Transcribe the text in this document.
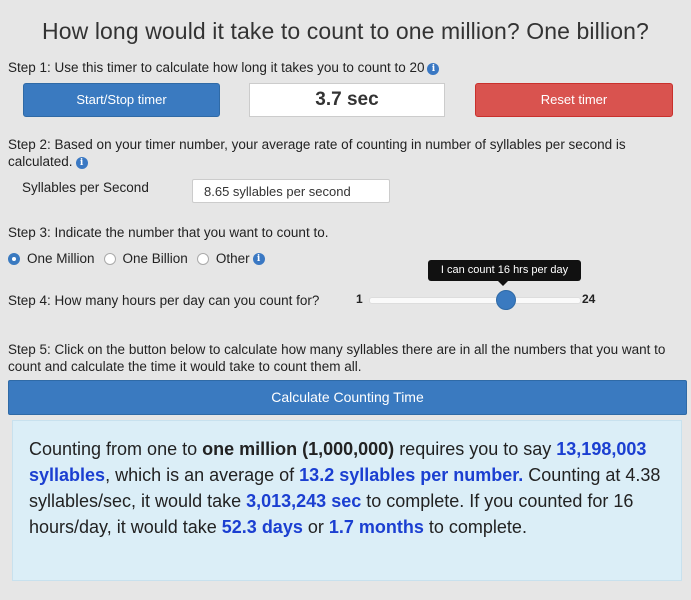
How long would it take to count to one million? One billion?
Step 1: Use this timer to calculate how long it takes you to count to 20 i
Start/Stop timer	3.7 sec	Reset timer
Step 2: Based on your timer number, your average rate of counting in number of syllables per second is calculated. i
Syllables per Second	8.65 syllables per second
Step 3: Indicate the number that you want to count to.
One Million One Billion Other i
Step 4: How many hours per day can you count for?
I can count 16 hrs per day
1	24
Step 5: Click on the button below to calculate how many syllables there are in all the numbers that you want to count and calculate the time it would take to count them all.
Calculate Counting Time
Counting from one to one million (1,000,000) requires you to say 13,198,003 syllables, which is an average of 13.2 syllables per number. Counting at 4.38 syllables/sec, it would take 3,013,243 sec to complete. If you counted for 16 hours/day, it would take 52.3 days or 1.7 months to complete.
